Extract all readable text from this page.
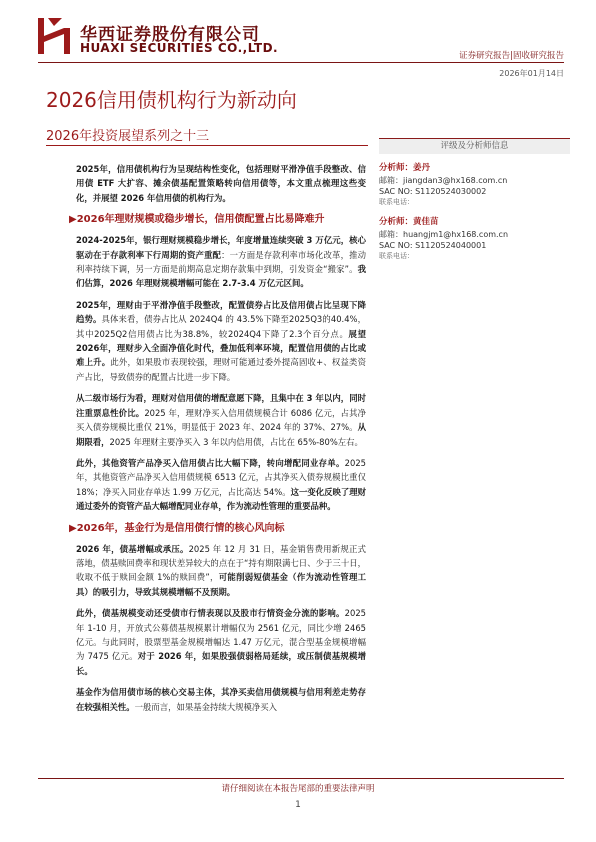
华西证券股份有限公司
HUAXI SECURITIES CO.,LTD.
证券研究报告|固收研究报告
2026年01月14日
2026信用债机构行为新动向
2026年投资展望系列之十三

2025年，信用债机构行为呈现结构性变化，包括理财平滑净值手段整改、信用债 ETF 大扩容、摊余债基配置策略转向信用债等，本文重点梳理这些变化，并展望 2026 年信用债的机构行为。

▶2026年理财规模或稳步增长，信用债配置占比易降难升

2024-2025年，银行理财规模稳步增长，年度增量连续突破 3 万亿元，核心驱动在于存款利率下行周期的资产重配：一方面是存款利率市场化改革，推动利率持续下调，另一方面是前期高息定期存款集中到期，引发资金“搬家”。我们估算，2026 年理财规模增幅可能在 2.7-3.4 万亿元区间。

2025年，理财由于平滑净值手段整改，配置债券占比及信用债占比呈现下降趋势。具体来看，债券占比从 2024Q4 的 43.5%下降至2025Q3的40.4%，其中2025Q2信用债占比为38.8%，较2024Q4下降了2.3个百分点。展望 2026年，理财步入全面净值化时代，叠加低利率环境，配置信用债的占比或难上升。此外，如果股市表现较强，理财可能通过委外提高固收+、权益类资产占比，导致债券的配置占比进一步下降。

从二级市场行为看，理财对信用债的增配意愿下降，且集中在 3 年以内，同时注重票息性价比。2025 年，理财净买入信用债规模合计 6086 亿元，占其净买入债券规模比重仅 21%，明显低于 2023 年、2024 年的 37%、27%。从期限看，2025 年理财主要净买入 3 年以内信用债，占比在 65%-80%左右。

此外，其他资管产品净买入信用债占比大幅下降，转向增配同业存单。2025 年，其他资管产品净买入信用债规模 6513 亿元，占其净买入债券规模比重仅 18%；净买入同业存单达 1.99 万亿元，占比高达 54%。这一变化反映了理财通过委外的资管产品大幅增配同业存单，作为流动性管理的重要品种。

▶2026年，基金行为是信用债行情的核心风向标

2026 年，债基增幅或承压。2025 年 12 月 31 日，基金销售费用新规正式落地，债基赎回费率和现状差异较大的点在于“持有期限满七日、少于三十日，收取不低于赎回金额 1%的赎回费”，可能削弱短债基金（作为流动性管理工具）的吸引力，导致其规模增幅不及预期。

此外，债基规模变动还受债市行情表现以及股市行情资金分流的影响。2025 年 1-10 月，开放式公募债基规模累计增幅仅为 2561 亿元，同比少增 2465 亿元。与此同时，股票型基金规模增幅达 1.47 万亿元，混合型基金规模增幅为 7475 亿元。对于 2026 年，如果股强债弱格局延续，或压制债基规模增长。

基金作为信用债市场的核心交易主体，其净买卖信用债规模与信用利差走势存在较强相关性。一般而言，如果基金持续大规模净买入

评级及分析师信息
分析师：姜丹
邮箱：jiangdan3@hx168.com.cn
SAC NO: S1120524030002
联系电话：
分析师：黄佳苗
邮箱：huangjm1@hx168.com.cn
SAC NO: S1120524040001
联系电话：
请仔细阅读在本报告尾部的重要法律声明
1
